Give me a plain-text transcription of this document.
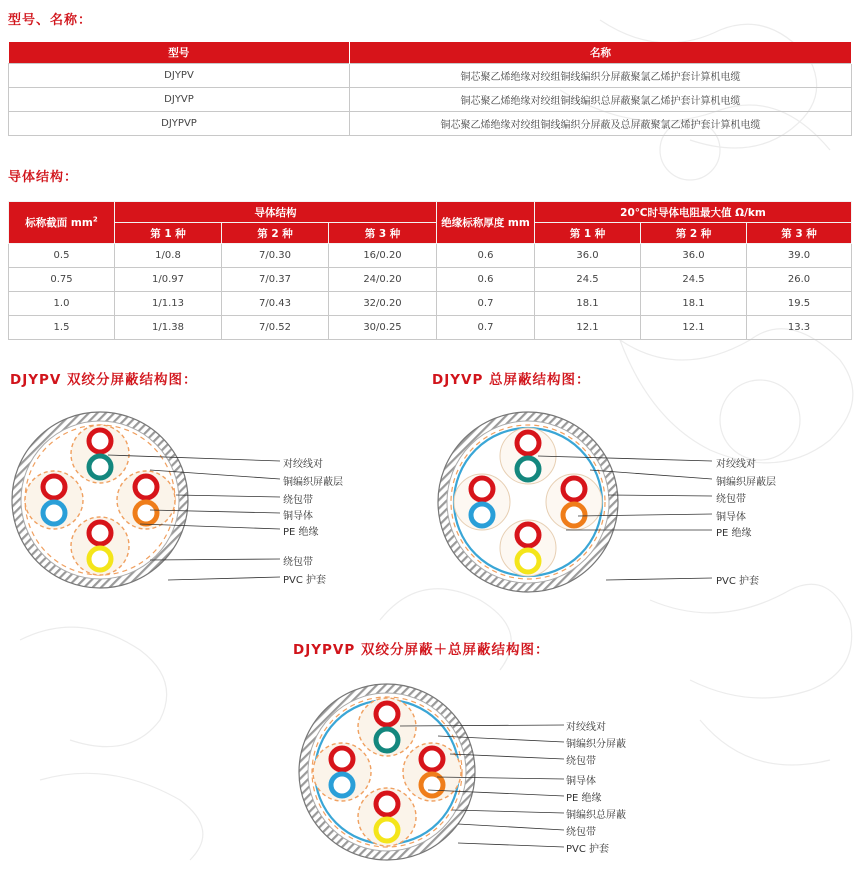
型号、名称：
型号	名称
DJYPV	铜芯聚乙烯绝缘对绞组铜线编织分屏蔽聚氯乙烯护套计算机电缆
DJYVP	铜芯聚乙烯绝缘对绞组铜线编织总屏蔽聚氯乙烯护套计算机电缆
DJYPVP	铜芯聚乙烯绝缘对绞组铜线编织分屏蔽及总屏蔽聚氯乙烯护套计算机电缆
导体结构：
标称截面 $mm^2$	导体结构			绝缘标称厚度 mm	20℃时导体电阻最大值 Ω/km		
	第 1 种	第 2 种	第 3 种		第 1 种	第 2 种	第 3 种
0.5	1/0.8	7/0.30	16/0.20	0.6	36.0	36.0	39.0
0.75	1/0.97	7/0.37	24/0.20	0.6	24.5	24.5	26.0
1.0	1/1.13	7/0.43	32/0.20	0.7	18.1	18.1	19.5
1.5	1/1.38	7/0.52	30/0.25	0.7	12.1	12.1	13.3
DJYPV 双绞分屏蔽结构图：	DJYVP 总屏蔽结构图：
DJYPVP 双绞分屏蔽＋总屏蔽结构图：
对绞线对
铜编织屏蔽层
绕包带
铜导体
PE 绝缘
绕包带
PVC 护套
对绞线对
铜编织屏蔽层
绕包带
铜导体
PE 绝缘
PVC 护套
对绞线对
铜编织分屏蔽
绕包带
铜导体
PE 绝缘
铜编织总屏蔽
绕包带
PVC 护套
